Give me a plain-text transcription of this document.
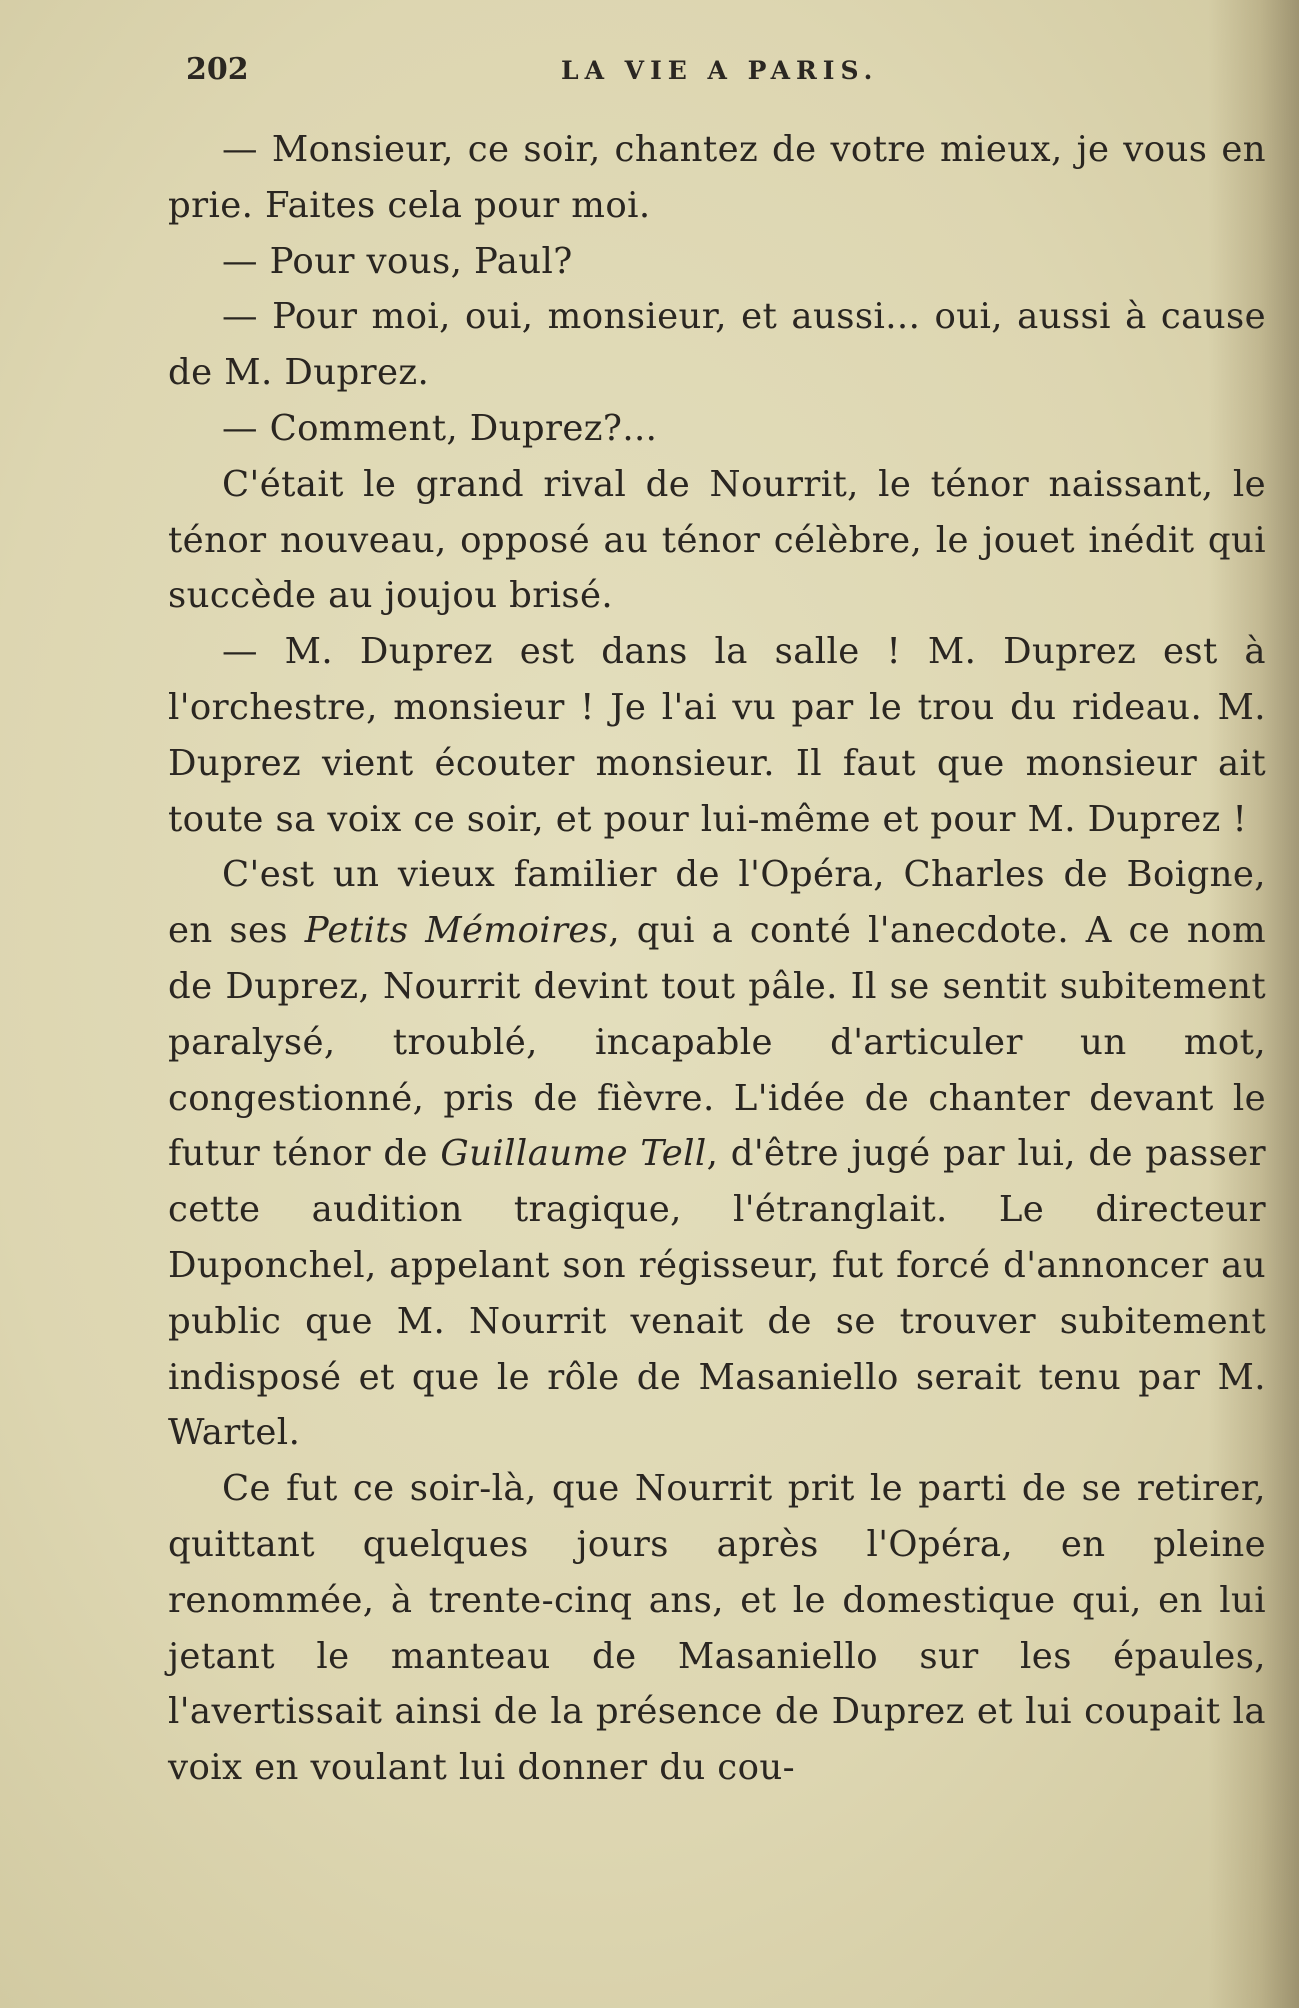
202	LA VIE A PARIS.

— Monsieur, ce soir, chantez de votre mieux, je vous en prie. Faites cela pour moi.

— Pour vous, Paul?

— Pour moi, oui, monsieur, et aussi... oui, aussi à cause de M. Duprez.

— Comment, Duprez?...

C'était le grand rival de Nourrit, le ténor naissant, le ténor nouveau, opposé au ténor célèbre, le jouet inédit qui succède au joujou brisé.

— M. Duprez est dans la salle ! M. Duprez est à l'orchestre, monsieur ! Je l'ai vu par le trou du rideau. M. Duprez vient écouter monsieur. Il faut que monsieur ait toute sa voix ce soir, et pour lui-même et pour M. Duprez !

C'est un vieux familier de l'Opéra, Charles de Boigne, en ses Petits Mémoires, qui a conté l'anecdote. A ce nom de Duprez, Nourrit devint tout pâle. Il se sentit subitement paralysé, troublé, incapable d'articuler un mot, congestionné, pris de fièvre. L'idée de chanter devant le futur ténor de Guillaume Tell, d'être jugé par lui, de passer cette audition tragique, l'étranglait. Le directeur Duponchel, appelant son régisseur, fut forcé d'annoncer au public que M. Nourrit venait de se trouver subitement indisposé et que le rôle de Masaniello serait tenu par M. Wartel.

Ce fut ce soir-là, que Nourrit prit le parti de se retirer, quittant quelques jours après l'Opéra, en pleine renommée, à trente-cinq ans, et le domestique qui, en lui jetant le manteau de Masaniello sur les épaules, l'avertissait ainsi de la présence de Duprez et lui coupait la voix en voulant lui donner du cou-
